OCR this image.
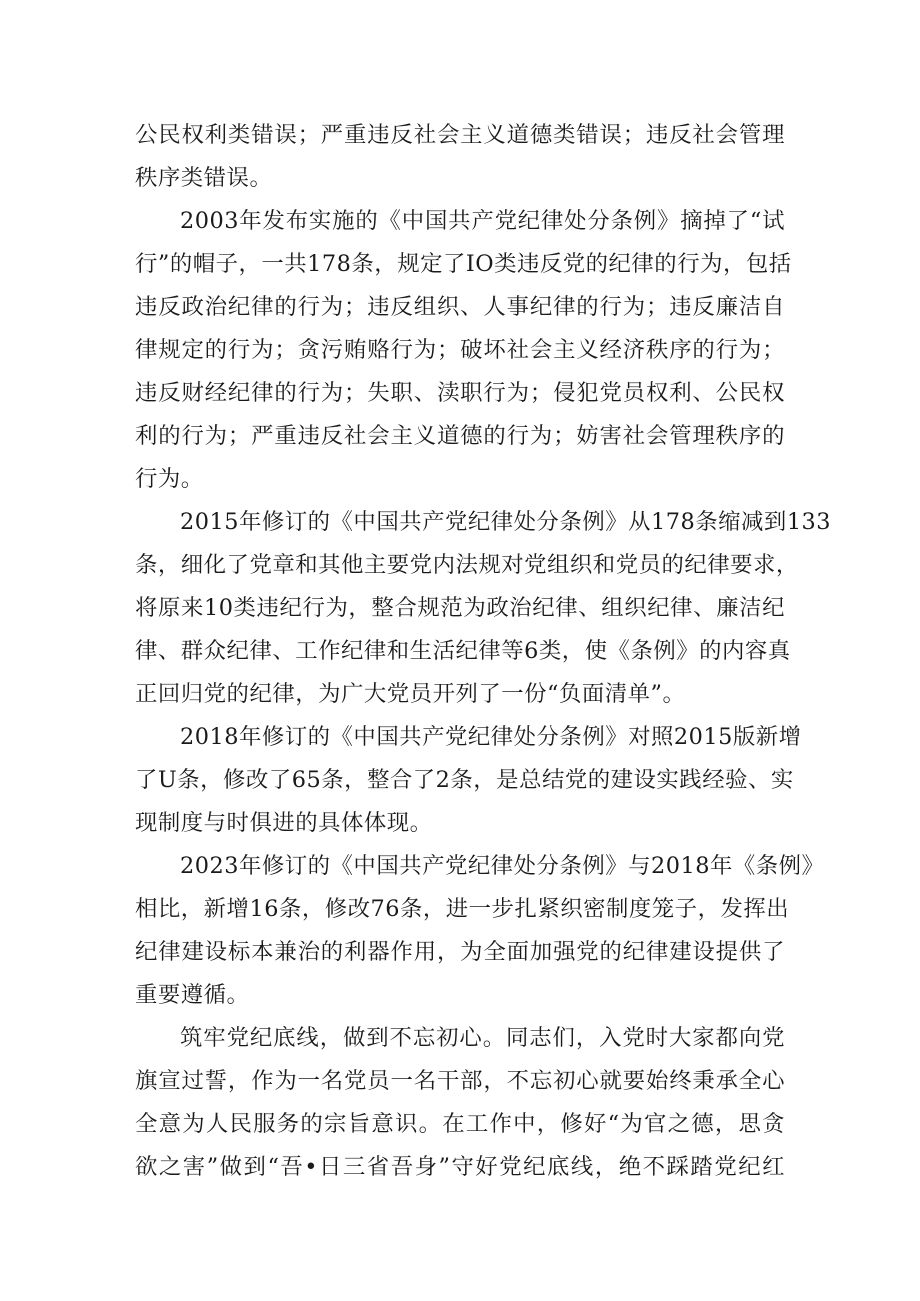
公民权利类错误；严重违反社会主义道德类错误；违反社会管理
秩序类错误。
2003年发布实施的《中国共产党纪律处分条例》摘掉了“试
行”的帽子，一共178条，规定了IO类违反党的纪律的行为，包括
违反政治纪律的行为；违反组织、人事纪律的行为；违反廉洁自
律规定的行为；贪污贿赂行为；破坏社会主义经济秩序的行为；
违反财经纪律的行为；失职、渎职行为；侵犯党员权利、公民权
利的行为；严重违反社会主义道德的行为；妨害社会管理秩序的
行为。
2015年修订的《中国共产党纪律处分条例》从178条缩减到133
条，细化了党章和其他主要党内法规对党组织和党员的纪律要求，
将原来10类违纪行为，整合规范为政治纪律、组织纪律、廉洁纪
律、群众纪律、工作纪律和生活纪律等6类，使《条例》的内容真
正回归党的纪律，为广大党员开列了一份“负面清单”。
2018年修订的《中国共产党纪律处分条例》对照2015版新增
了U条，修改了65条，整合了2条，是总结党的建设实践经验、实
现制度与时俱进的具体体现。
2023年修订的《中国共产党纪律处分条例》与2018年《条例》
相比，新增16条，修改76条，进一步扎紧织密制度笼子，发挥出
纪律建设标本兼治的利器作用，为全面加强党的纪律建设提供了
重要遵循。
筑牢党纪底线，做到不忘初心。同志们，入党时大家都向党
旗宣过誓，作为一名党员一名干部，不忘初心就要始终秉承全心
全意为人民服务的宗旨意识。在工作中，修好“为官之德，思贪
欲之害”做到“吾•日三省吾身”守好党纪底线，绝不踩踏党纪红
